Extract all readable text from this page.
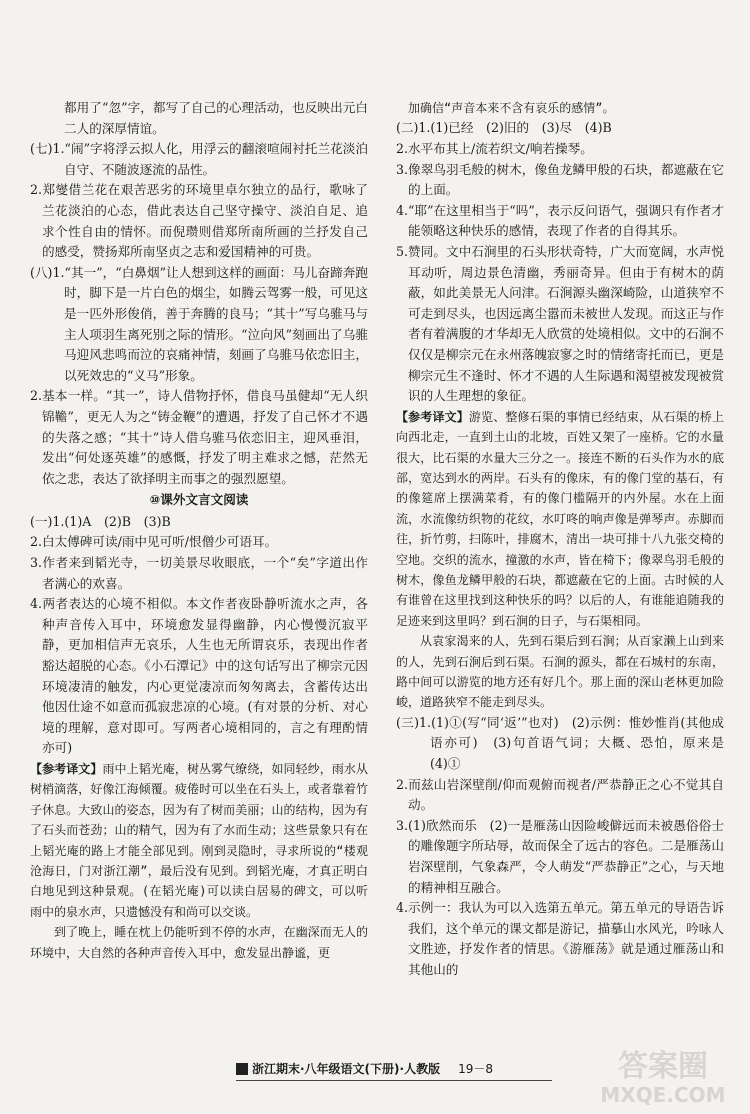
都用了“忽”字，都写了自己的心理活动，也反映出元白二人的深厚情谊。

(七)1.“闹”字将浮云拟人化，用浮云的翻滚喧闹衬托兰花淡泊自守、不随波逐流的品性。

2.郑燮借兰花在艰苦恶劣的环境里卓尔独立的品行，歌咏了兰花淡泊的心态，借此表达自己坚守操守、淡泊自足、追求个性自由的情怀。而倪瓒则借郑所南所画的兰抒发自己的感受，赞扬郑所南坚贞之志和爱国精神的可贵。

(八)1.“其一”，“白鼻烟”让人想到这样的画面：马儿奋蹄奔跑时，脚下是一片白色的烟尘，如腾云驾雾一般，可见这是一匹外形俊俏，善于奔腾的良马；“其十”写乌骓马与主人项羽生离死别之际的情形。“泣向风”刻画出了乌骓马迎风悲鸣而泣的哀痛神情，刻画了乌骓马依恋旧主，以死效忠的“义马”形象。

2.基本一样。“其一”，诗人借物抒怀，借良马虽健却“无人织锦韂”，更无人为之“铸金鞭”的遭遇，抒发了自己怀才不遇的失落之感；“其十”诗人借乌骓马依恋旧主，迎风垂泪，发出“何处逐英雄”的感慨，抒发了明主难求之憾，茫然无依之悲，表达了欲择明主而事之的强烈愿望。

⑩课外文言文阅读

(一)1.(1)A　(2)B　(3)B

2.白太傅碑可读/雨中见可听/恨僧少可语耳。

3.作者来到韬光寺，一切美景尽收眼底，一个“矣”字道出作者满心的欢喜。

4.两者表达的心境不相似。本文作者夜卧静听流水之声，各种声音传入耳中，环境愈发显得幽静，内心慢慢沉寂平静，更加相信声无哀乐，人生也无所谓哀乐，表现出作者豁达超脱的心态。《小石潭记》中的这句话写出了柳宗元因环境凄清的触发，内心更觉凄凉而匆匆离去，含蓄传达出他因仕途不如意而孤寂悲凉的心境。(有对景的分析、对心境的理解，意对即可。写两者心境相同的，言之有理酌情亦可)

【参考译文】雨中上韬光庵，树丛雾气缭绕，如同轻纱，雨水从树梢滴落，好像江海倾覆。疲倦时可以坐在石头上，或者靠着竹子休息。大致山的姿态，因为有了树而美丽；山的结构，因为有了石头而苍劲；山的精气，因为有了水而生动；这些景象只有在上韬光庵的路上才能全部见到。刚到灵隐时，寻求所说的“楼观沧海日，门对浙江潮”，最后没有见到。到韬光庵，才真正明白白地见到这种景观。(在韬光庵)可以读白居易的碑文，可以听雨中的泉水声，只遗憾没有和尚可以交谈。

到了晚上，睡在枕上仍能听到不停的水声，在幽深而无人的环境中，大自然的各种声音传入耳中，愈发显出静谧，更

加确信“声音本来不含有哀乐的感情”。

(二)1.(1)已经　(2)旧的　(3)尽　(4)B

2.水平布其上/流若织文/响若操琴。

3.像翠鸟羽毛般的树木，像鱼龙鳞甲般的石块，都遮蔽在它的上面。

4.“耶”在这里相当于“吗”，表示反问语气，强调只有作者才能领略这种快乐的感情，表现了作者的自得其乐。

5.赞同。文中石涧里的石头形状奇特，广大而宽阔，水声悦耳动听，周边景色清幽，秀丽奇异。但由于有树木的荫蔽，如此美景无人问津。石涧源头幽深崎险，山道狭窄不可走到尽头，也因远离尘嚣而未被世人发现。而这正与作者有着满腹的才华却无人欣赏的处境相似。文中的石涧不仅仅是柳宗元在永州落魄寂寥之时的情绪寄托而已，更是柳宗元生不逢时、怀才不遇的人生际遇和渴望被发现被赏识的人生理想的象征。

【参考译文】游览、整修石渠的事情已经结束，从石渠的桥上向西北走，一直到土山的北坡，百姓又架了一座桥。它的水量很大，比石渠的水量大三分之一。接连不断的石头作为水的底部，宽达到水的两岸。石头有的像床，有的像门堂的基石，有的像筵席上摆满菜肴，有的像门槛隔开的内外屋。水在上面流，水流像纺织物的花纹，水叮咚的响声像是弹琴声。赤脚而往，折竹剪，扫陈叶，排腐木，清出一块可排十八九张交椅的空地。交织的流水，撞激的水声，皆在椅下；像翠鸟羽毛般的树木，像鱼龙鳞甲般的石块，都遮蔽在它的上面。古时候的人有谁曾在这里找到这种快乐的吗？以后的人，有谁能追随我的足迹来到这里吗？到石涧的日子，与石渠相同。

从袁家渴来的人，先到石渠后到石涧；从百家濑上山到来的人，先到石涧后到石渠。石涧的源头，都在石城村的东南，路中间可以游览的地方还有好几个。那上面的深山老林更加险峻，道路狭窄不能走到尽头。

(三)1.(1)①(写“同‘返’”也对)　(2)示例：惟妙惟肖(其他成语亦可)　(3)句首语气词；大概、恐怕，原来是　(4)①

2.而兹山岩深壁削/仰而观俯而视者/严恭静正之心不觉其自动。

3.(1)欣然而乐　(2)一是雁荡山因险峻僻远而未被愚俗俗士的雕像题字所玷辱，故而保全了远古的容色。二是雁荡山岩深壁削，气象森严，令人萌发“严恭静正”之心，与天地的精神相互融合。

4.示例一：我认为可以入选第五单元。第五单元的导语告诉我们，这个单元的课文都是游记，描摹山水风光，吟咏人文胜迹，抒发作者的情思。《游雁荡》就是通过雁荡山和其他山的

浙江期末·八年级语文(下册)·人教版 19－8	答案圈
MXQE.COM
